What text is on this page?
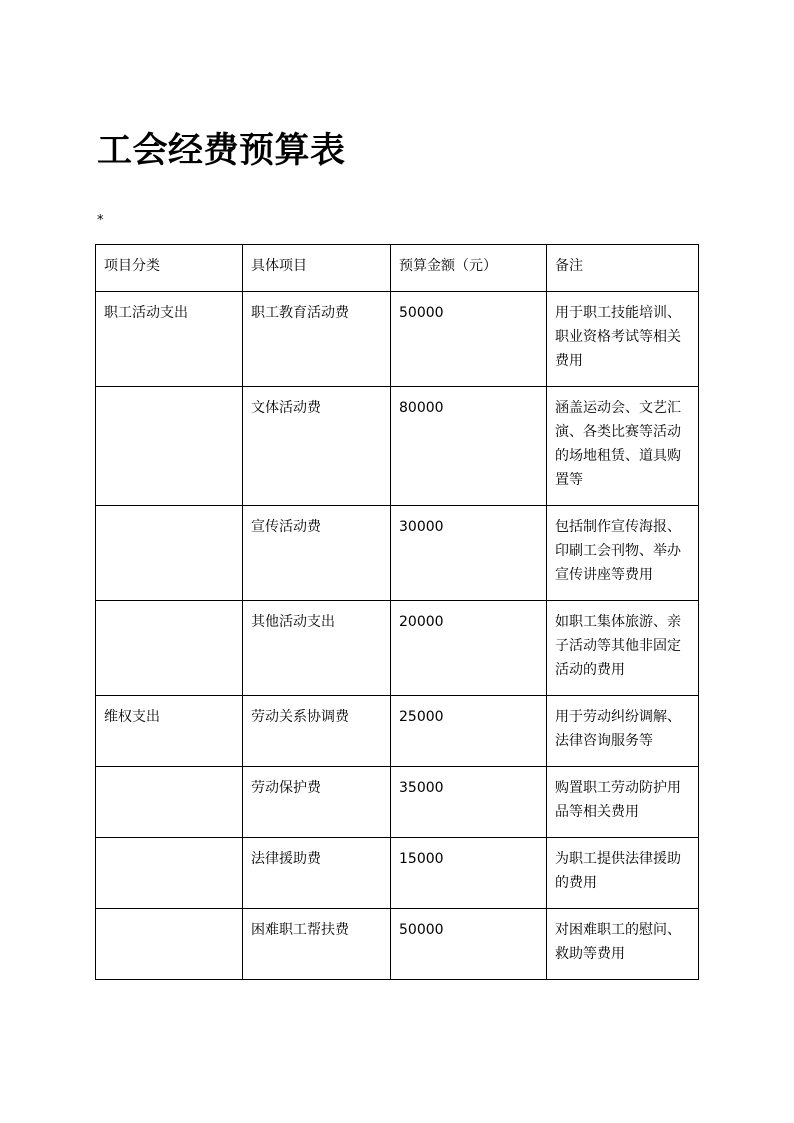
工会经费预算表
*
项目分类	具体项目	预算金额（元）	备注
职工活动支出	职工教育活动费	50000	用于职工技能培训、职业资格考试等相关费用
	文体活动费	80000	涵盖运动会、文艺汇演、各类比赛等活动的场地租赁、道具购置等
	宣传活动费	30000	包括制作宣传海报、印刷工会刊物、举办宣传讲座等费用
	其他活动支出	20000	如职工集体旅游、亲子活动等其他非固定活动的费用
维权支出	劳动关系协调费	25000	用于劳动纠纷调解、法律咨询服务等
	劳动保护费	35000	购置职工劳动防护用品等相关费用
	法律援助费	15000	为职工提供法律援助的费用
	困难职工帮扶费	50000	对困难职工的慰问、救助等费用
